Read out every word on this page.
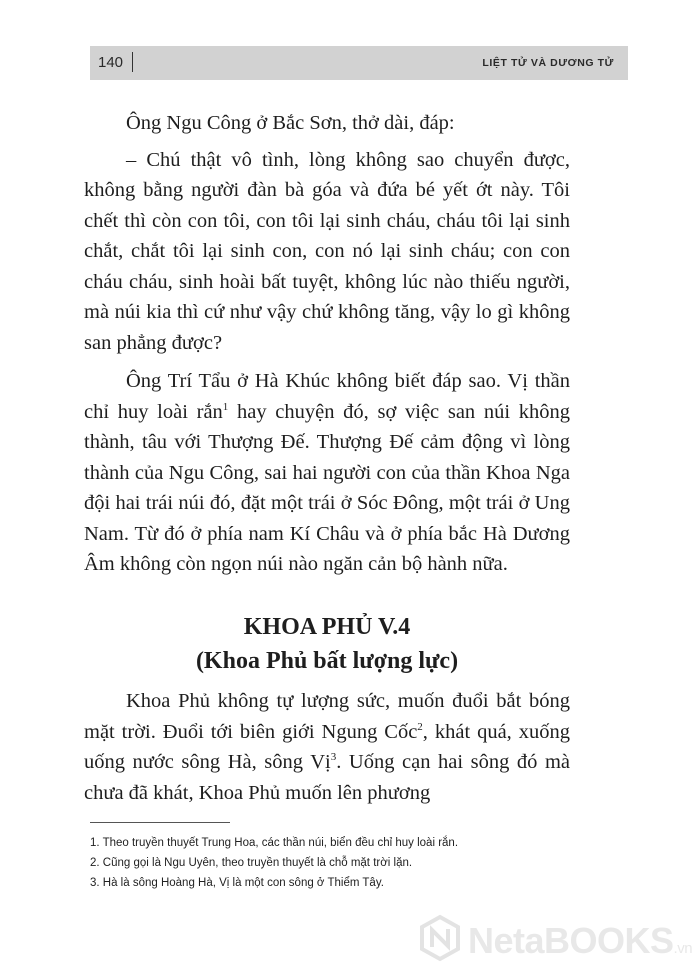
140	LIỆT TỬ VÀ DƯƠNG TỬ

Ông Ngu Công ở Bắc Sơn, thở dài, đáp:

– Chú thật vô tình, lòng không sao chuyển được, không bằng người đàn bà góa và đứa bé yết ớt này. Tôi chết thì còn con tôi, con tôi lại sinh cháu, cháu tôi lại sinh chắt, chắt tôi lại sinh con, con nó lại sinh cháu; con con cháu cháu, sinh hoài bất tuyệt, không lúc nào thiếu người, mà núi kia thì cứ như vậy chứ không tăng, vậy lo gì không san phẳng được?

Ông Trí Tẩu ở Hà Khúc không biết đáp sao. Vị thần chỉ huy loài rắn$^1$ hay chuyện đó, sợ việc san núi không thành, tâu với Thượng Đế. Thượng Đế cảm động vì lòng thành của Ngu Công, sai hai người con của thần Khoa Nga đội hai trái núi đó, đặt một trái ở Sóc Đông, một trái ở Ung Nam. Từ đó ở phía nam Kí Châu và ở phía bắc Hà Dương Âm không còn ngọn núi nào ngăn cản bộ hành nữa.

KHOA PHỦ V.4
(Khoa Phủ bất lượng lực)

Khoa Phủ không tự lượng sức, muốn đuổi bắt bóng mặt trời. Đuổi tới biên giới Ngung Cốc$^2$, khát quá, xuống uống nước sông Hà, sông Vị$^3$. Uống cạn hai sông đó mà chưa đã khát, Khoa Phủ muốn lên phương

1. Theo truyền thuyết Trung Hoa, các thần núi, biển đều chỉ huy loài rắn.
2. Cũng gọi là Ngu Uyên, theo truyền thuyết là chỗ mặt trời lặn.
3. Hà là sông Hoàng Hà, Vị là một con sông ở Thiểm Tây.
NetaBOOKS.vn
